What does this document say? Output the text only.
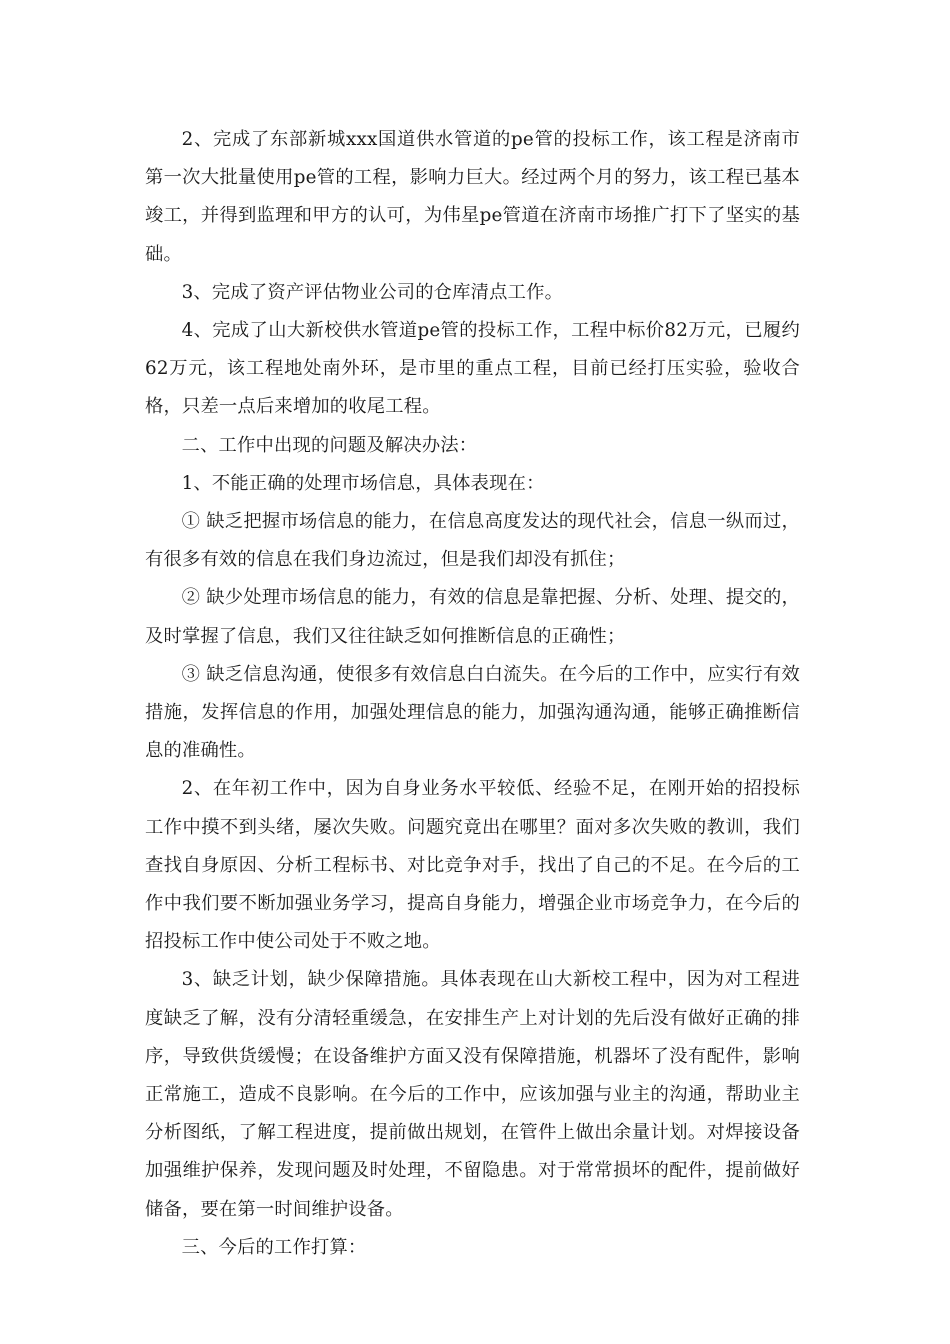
2、完成了东部新城xxx国道供水管道的pe管的投标工作，该工程是济南市第一次大批量使用pe管的工程，影响力巨大。经过两个月的努力，该工程已基本竣工，并得到监理和甲方的认可，为伟星pe管道在济南市场推广打下了坚实的基础。

3、完成了资产评估物业公司的仓库清点工作。

4、完成了山大新校供水管道pe管的投标工作，工程中标价82万元，已履约62万元，该工程地处南外环，是市里的重点工程，目前已经打压实验，验收合格，只差一点后来增加的收尾工程。

二、工作中出现的问题及解决办法：

1、不能正确的处理市场信息，具体表现在：

① 缺乏把握市场信息的能力，在信息高度发达的现代社会，信息一纵而过，有很多有效的信息在我们身边流过，但是我们却没有抓住；

② 缺少处理市场信息的能力，有效的信息是靠把握、分析、处理、提交的，及时掌握了信息，我们又往往缺乏如何推断信息的正确性；

③ 缺乏信息沟通，使很多有效信息白白流失。在今后的工作中，应实行有效措施，发挥信息的作用，加强处理信息的能力，加强沟通沟通，能够正确推断信息的准确性。

2、在年初工作中，因为自身业务水平较低、经验不足，在刚开始的招投标工作中摸不到头绪，屡次失败。问题究竟出在哪里？面对多次失败的教训，我们查找自身原因、分析工程标书、对比竞争对手，找出了自己的不足。在今后的工作中我们要不断加强业务学习，提高自身能力，增强企业市场竞争力，在今后的招投标工作中使公司处于不败之地。

3、缺乏计划，缺少保障措施。具体表现在山大新校工程中，因为对工程进度缺乏了解，没有分清轻重缓急，在安排生产上对计划的先后没有做好正确的排序，导致供货缓慢；在设备维护方面又没有保障措施，机器坏了没有配件，影响正常施工，造成不良影响。在今后的工作中，应该加强与业主的沟通，帮助业主分析图纸，了解工程进度，提前做出规划，在管件上做出余量计划。对焊接设备加强维护保养，发现问题及时处理，不留隐患。对于常常损坏的配件，提前做好储备，要在第一时间维护设备。

三、今后的工作打算：
